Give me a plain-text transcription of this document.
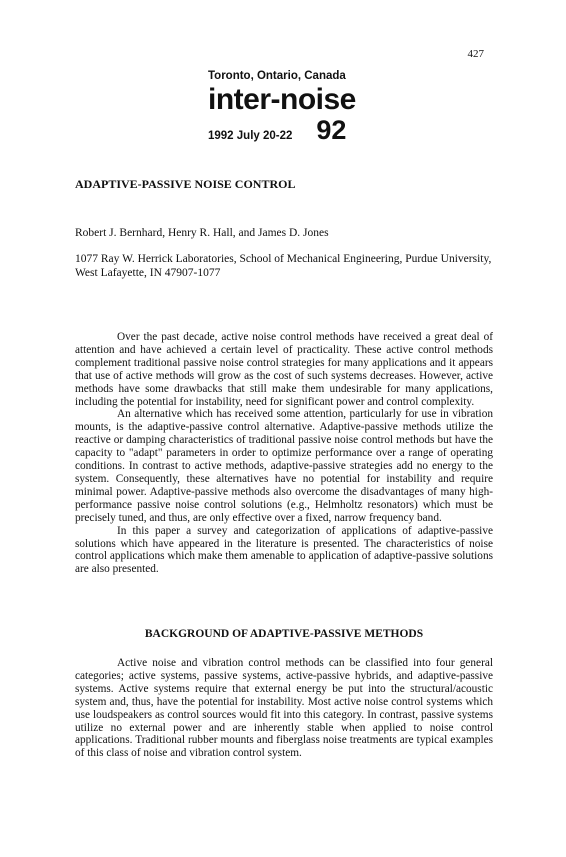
427
Toronto, Ontario, Canada
inter-noise
1992 July 20-22 92
ADAPTIVE-PASSIVE NOISE CONTROL
Robert J. Bernhard, Henry R. Hall, and James D. Jones
1077 Ray W. Herrick Laboratories, School of Mechanical Engineering, Purdue University, West Lafayette, IN 47907-1077

Over the past decade, active noise control methods have received a great deal of attention and have achieved a certain level of practicality. These active control methods complement traditional passive noise control strategies for many applications and it appears that use of active methods will grow as the cost of such systems decreases. However, active methods have some drawbacks that still make them undesirable for many applications, including the potential for instability, need for significant power and control complexity.

An alternative which has received some attention, particularly for use in vibration mounts, is the adaptive-passive control alternative. Adaptive-passive methods utilize the reactive or damping characteristics of traditional passive noise control methods but have the capacity to "adapt" parameters in order to optimize performance over a range of operating conditions. In contrast to active methods, adaptive-passive strategies add no energy to the system. Consequently, these alternatives have no potential for instability and require minimal power. Adaptive-passive methods also overcome the disadvantages of many high-performance passive noise control solutions (e.g., Helmholtz resonators) which must be precisely tuned, and thus, are only effective over a fixed, narrow frequency band.

In this paper a survey and categorization of applications of adaptive-passive solutions which have appeared in the literature is presented. The characteristics of noise control applications which make them amenable to application of adaptive-passive solutions are also presented.

BACKGROUND OF ADAPTIVE-PASSIVE METHODS

Active noise and vibration control methods can be classified into four general categories; active systems, passive systems, active-passive hybrids, and adaptive-passive systems. Active systems require that external energy be put into the structural/acoustic system and, thus, have the potential for instability. Most active noise control systems which use loudspeakers as control sources would fit into this category. In contrast, passive systems utilize no external power and are inherently stable when applied to noise control applications. Traditional rubber mounts and fiberglass noise treatments are typical examples of this class of noise and vibration control system.
